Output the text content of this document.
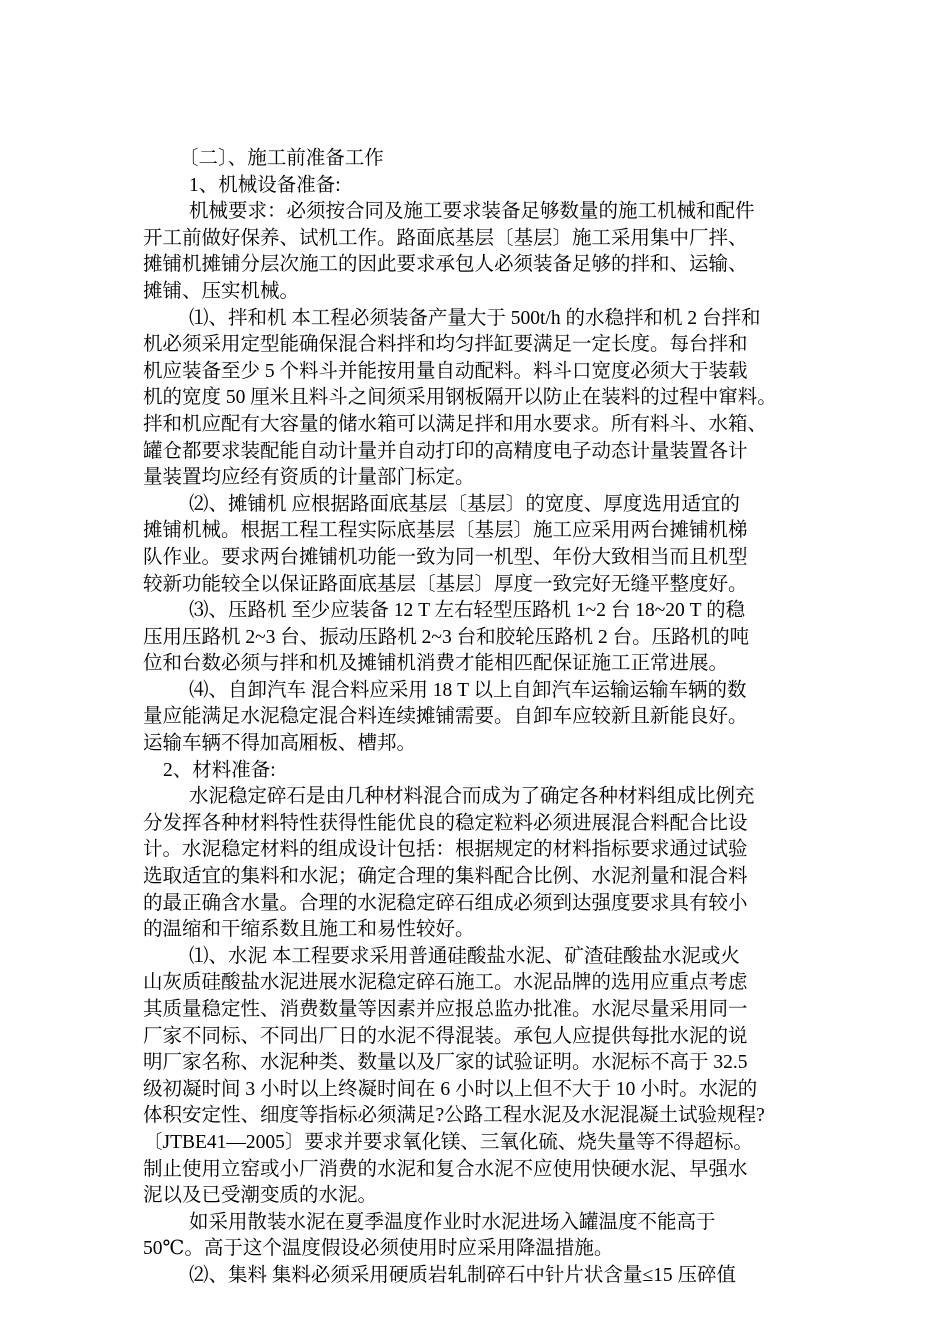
〔二〕、施工前准备工作
1、机械设备准备:
机械要求：必须按合同及施工要求装备足够数量的施工机械和配件
开工前做好保养、试机工作。路面底基层〔基层〕施工采用集中厂拌、
摊铺机摊铺分层次施工的因此要求承包人必须装备足够的拌和、运输、
摊铺、压实机械。
⑴、拌和机 本工程必须装备产量大于 500t/h 的水稳拌和机 2 台拌和
机必须采用定型能确保混合料拌和均匀拌缸要满足一定长度。每台拌和
机应装备至少 5 个料斗并能按用量自动配料。料斗口宽度必须大于装载
机的宽度 50 厘米且料斗之间须采用钢板隔开以防止在装料的过程中窜料。
拌和机应配有大容量的储水箱可以满足拌和用水要求。所有料斗、水箱、
罐仓都要求装配能自动计量并自动打印的高精度电子动态计量装置各计
量装置均应经有资质的计量部门标定。
⑵、摊铺机 应根据路面底基层〔基层〕的宽度、厚度选用适宜的
摊铺机械。根据工程工程实际底基层〔基层〕施工应采用两台摊铺机梯
队作业。要求两台摊铺机功能一致为同一机型、年份大致相当而且机型
较新功能较全以保证路面底基层〔基层〕厚度一致完好无缝平整度好。
⑶、压路机 至少应装备 12 T 左右轻型压路机 1~2 台 18~20 T 的稳
压用压路机 2~3 台、振动压路机 2~3 台和胶轮压路机 2 台。压路机的吨
位和台数必须与拌和机及摊铺机消费才能相匹配保证施工正常进展。
⑷、自卸汽车 混合料应采用 18 T 以上自卸汽车运输运输车辆的数
量应能满足水泥稳定混合料连续摊铺需要。自卸车应较新且新能良好。
运输车辆不得加高厢板、槽邦。
2、材料准备:
水泥稳定碎石是由几种材料混合而成为了确定各种材料组成比例充
分发挥各种材料特性获得性能优良的稳定粒料必须进展混合料配合比设
计。水泥稳定材料的组成设计包括：根据规定的材料指标要求通过试验
选取适宜的集料和水泥；确定合理的集料配合比例、水泥剂量和混合料
的最正确含水量。合理的水泥稳定碎石组成必须到达强度要求具有较小
的温缩和干缩系数且施工和易性较好。
⑴、水泥 本工程要求采用普通硅酸盐水泥、矿渣硅酸盐水泥或火
山灰质硅酸盐水泥进展水泥稳定碎石施工。水泥品牌的选用应重点考虑
其质量稳定性、消费数量等因素并应报总监办批准。水泥尽量采用同一
厂家不同标、不同出厂日的水泥不得混装。承包人应提供每批水泥的说
明厂家名称、水泥种类、数量以及厂家的试验证明。水泥标不高于 32.5
级初凝时间 3 小时以上终凝时间在 6 小时以上但不大于 10 小时。水泥的
体积安定性、细度等指标必须满足?公路工程水泥及水泥混凝土试验规程?
〔JTBE41—2005〕要求并要求氧化镁、三氧化硫、烧失量等不得超标。
制止使用立窑或小厂消费的水泥和复合水泥不应使用快硬水泥、早强水
泥以及已受潮变质的水泥。
如采用散装水泥在夏季温度作业时水泥进场入罐温度不能高于
50℃。高于这个温度假设必须使用时应采用降温措施。
⑵、集料 集料必须采用硬质岩轧制碎石中针片状含量≤15 压碎值
